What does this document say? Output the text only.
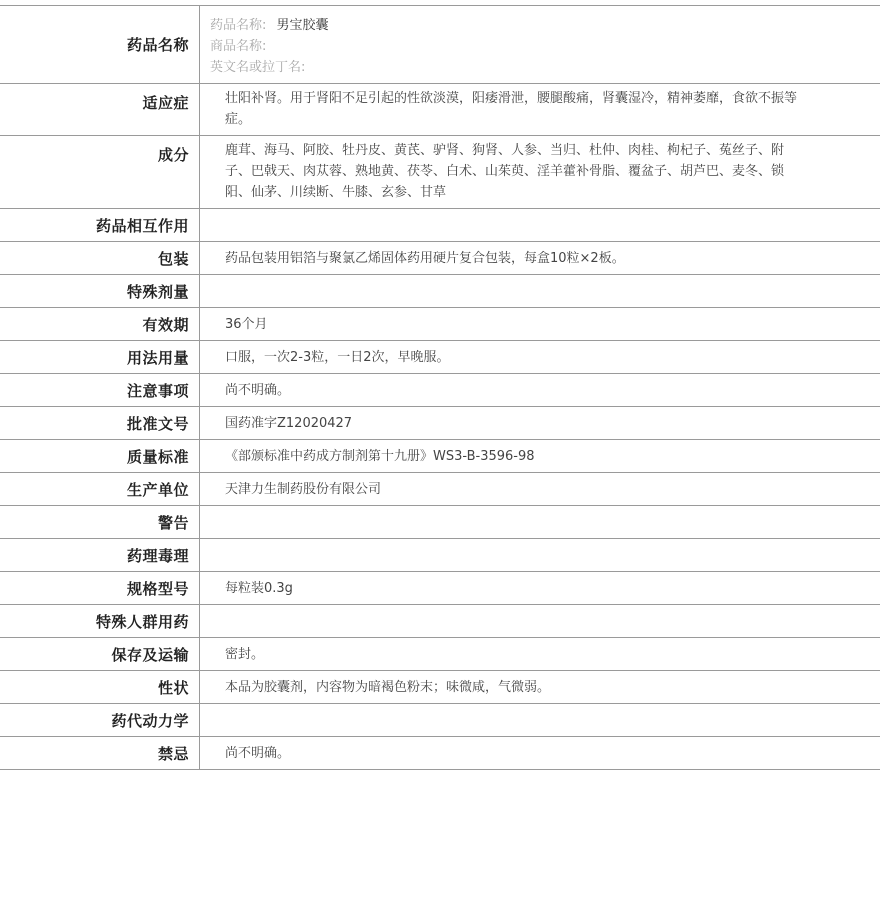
药品名称
药品名称: 男宝胶囊
商品名称:
英文名或拉丁名:
适应症	壮阳补肾。用于肾阳不足引起的性欲淡漠，阳痿滑泄，腰腿酸痛，肾囊湿冷，精神萎靡，食欲不振等症。
成分	鹿茸、海马、阿胶、牡丹皮、黄芪、驴肾、狗肾、人参、当归、杜仲、肉桂、枸杞子、菟丝子、附子、巴戟天、肉苁蓉、熟地黄、茯苓、白术、山茱萸、淫羊藿补骨脂、覆盆子、胡芦巴、麦冬、锁阳、仙茅、川续断、牛膝、玄参、甘草
药品相互作用
包装	药品包装用铝箔与聚氯乙烯固体药用硬片复合包装，每盒10粒×2板。
特殊剂量
有效期	36个月
用法用量	口服，一次2-3粒，一日2次，早晚服。
注意事项	尚不明确。
批准文号	国药准字Z12020427
质量标准	《部颁标准中药成方制剂第十九册》WS3-B-3596-98
生产单位	天津力生制药股份有限公司
警告
药理毒理
规格型号	每粒装0.3g
特殊人群用药
保存及运输	密封。
性状	本品为胶囊剂，内容物为暗褐色粉末；味微咸，气微弱。
药代动力学
禁忌	尚不明确。
